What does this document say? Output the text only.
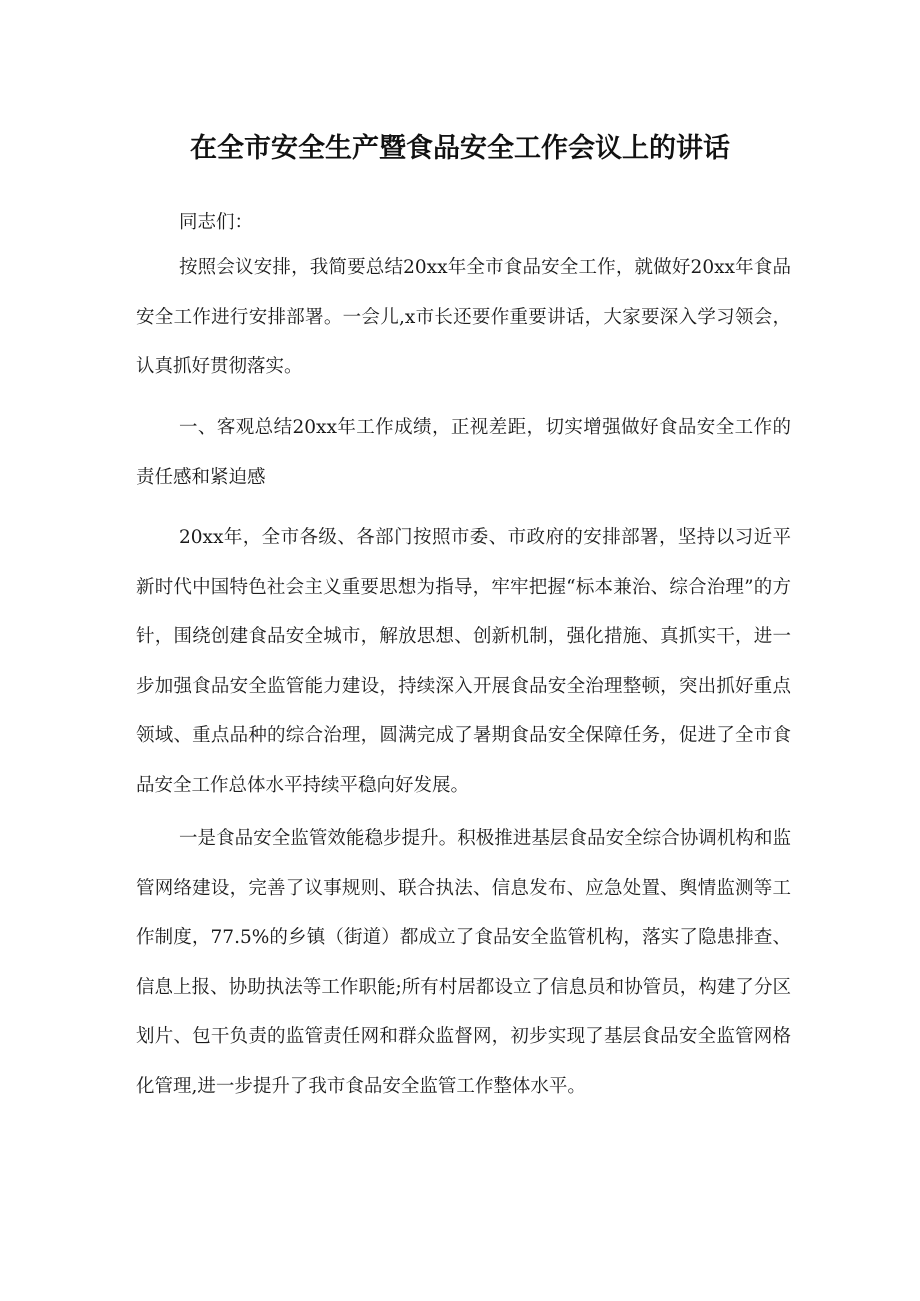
在全市安全生产暨食品安全工作会议上的讲话

同志们：

按照会议安排，我简要总结20xx年全市食品安全工作，就做好20xx年食品安全工作进行安排部署。一会儿,x市长还要作重要讲话，大家要深入学习领会，认真抓好贯彻落实。

一、客观总结20xx年工作成绩，正视差距，切实增强做好食品安全工作的责任感和紧迫感

20xx年，全市各级、各部门按照市委、市政府的安排部署，坚持以习近平新时代中国特色社会主义重要思想为指导，牢牢把握“标本兼治、综合治理”的方针，围绕创建食品安全城市，解放思想、创新机制，强化措施、真抓实干，进一步加强食品安全监管能力建设，持续深入开展食品安全治理整顿，突出抓好重点领域、重点品种的综合治理，圆满完成了暑期食品安全保障任务，促进了全市食品安全工作总体水平持续平稳向好发展。

一是食品安全监管效能稳步提升。积极推进基层食品安全综合协调机构和监管网络建设，完善了议事规则、联合执法、信息发布、应急处置、舆情监测等工作制度，77.5%的乡镇（街道）都成立了食品安全监管机构，落实了隐患排查、信息上报、协助执法等工作职能;所有村居都设立了信息员和协管员，构建了分区划片、包干负责的监管责任网和群众监督网，初步实现了基层食品安全监管网格化管理,进一步提升了我市食品安全监管工作整体水平。
